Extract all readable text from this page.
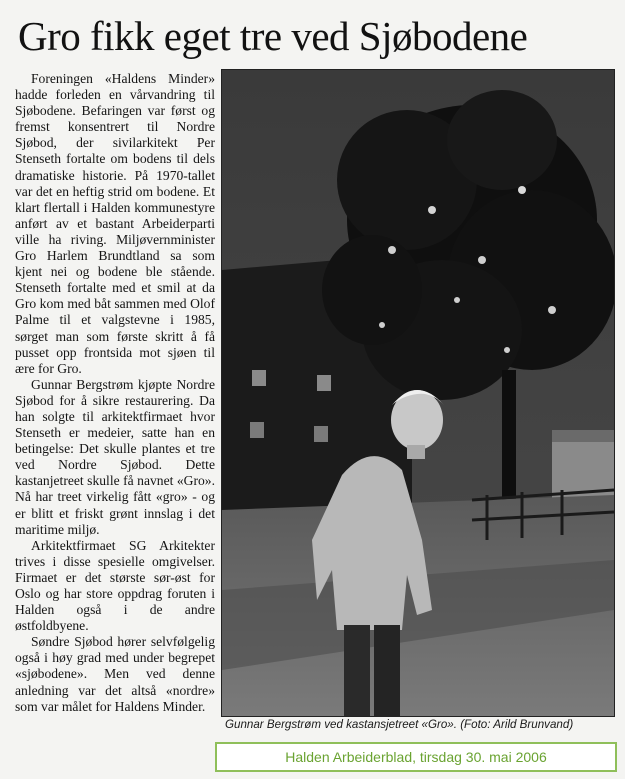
Gro fikk eget tre ved Sjøbodene

Foreningen «Haldens Minder» hadde forleden en vårvandring til Sjøbodene. Befaringen var først og fremst konsentrert til Nordre Sjøbod, der sivilarkitekt Per Stenseth fortalte om bodens til dels dramatiske historie. På 1970-tallet var det en heftig strid om bodene. Et klart flertall i Halden kommunestyre anført av et bastant Arbeiderparti ville ha riving. Miljøvernminister Gro Harlem Brundtland sa som kjent nei og bodene ble stående. Stenseth fortalte med et smil at da Gro kom med båt sammen med Olof Palme til et valgstevne i 1985, sørget man som første skritt å få pusset opp frontsida mot sjøen til ære for Gro.

Gunnar Bergstrøm kjøpte Nordre Sjøbod for å sikre restaurering. Da han solgte til arkitektfirmaet hvor Stenseth er medeier, satte han en betingelse: Det skulle plantes et tre ved Nordre Sjøbod. Dette kastanjetreet skulle få navnet «Gro». Nå har treet virkelig fått «gro» - og er blitt et friskt grønt innslag i det maritime miljø.

Arkitektfirmaet SG Arkitekter trives i disse spesielle omgivelser. Firmaet er det største sør-øst for Oslo og har store oppdrag foruten i Halden også i de andre østfoldbyene.

Søndre Sjøbod hører selvfølgelig også i høy grad med under begrepet «sjøbodene». Men ved denne anledning var det altså «nordre» som var målet for Haldens Minder.

Gunnar Bergstrøm ved kastansjetreet «Gro». (Foto: Arild Brunvand)
Halden Arbeiderblad, tirsdag 30. mai 2006
